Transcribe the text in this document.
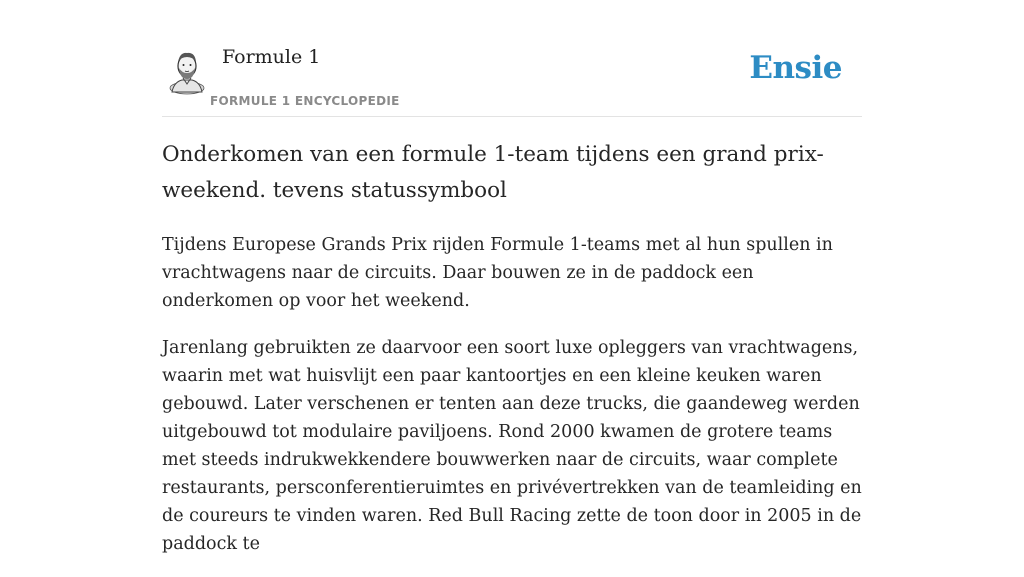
Formule 1
FORMULE 1 ENCYCLOPEDIE
Ensie
Onderkomen van een formule 1-team tijdens een grand prix-weekend. tevens statussymbool

Tijdens Europese Grands Prix rijden Formule 1-teams met al hun spullen in vrachtwagens naar de circuits. Daar bouwen ze in de paddock een onderkomen op voor het weekend.

Jarenlang gebruikten ze daarvoor een soort luxe opleggers van vrachtwagens, waarin met wat huisvlijt een paar kantoortjes en een kleine keuken waren gebouwd. Later verschenen er tenten aan deze trucks, die gaandeweg werden uitgebouwd tot modulaire paviljoens. Rond 2000 kwamen de grotere teams met steeds indrukwekkendere bouwwerken naar de circuits, waar complete restaurants, persconferentieruimtes en privévertrekken van de teamleiding en de coureurs te vinden waren. Red Bull Racing zette de toon door in 2005 in de paddock te
